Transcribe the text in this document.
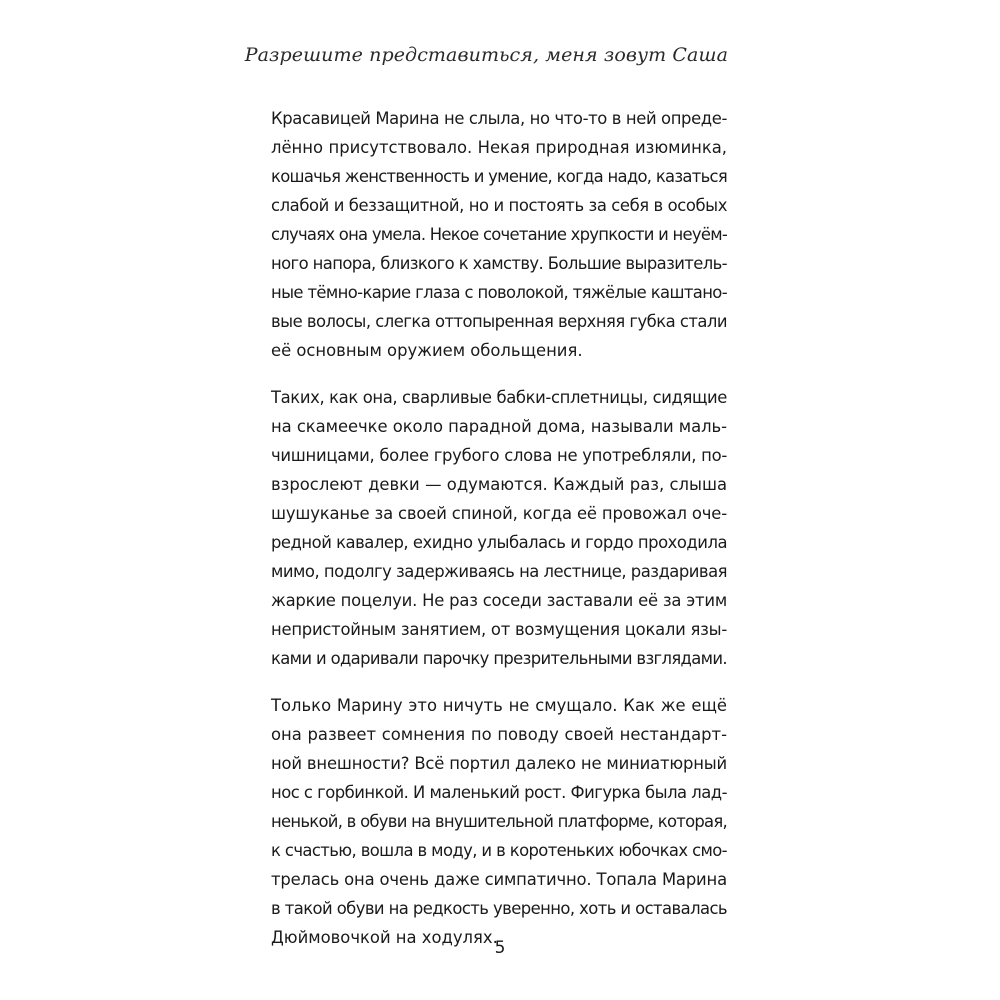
Разрешите представиться, меня зовут Саша

Красавицей Марина не слыла, но что-то в ней опреде-
лённо присутствовало. Некая природная изюминка,
кошачья женственность и умение, когда надо, казаться
слабой и беззащитной, но и постоять за себя в особых
случаях она умела. Некое сочетание хрупкости и неуём-
ного напора, близкого к хамству. Большие выразитель-
ные тёмно-карие глаза с поволокой, тяжёлые каштано-
вые волосы, слегка оттопыренная верхняя губка стали
её основным оружием обольщения.

Таких, как она, сварливые бабки-сплетницы, сидящие
на скамеечке около парадной дома, называли маль-
чишницами, более грубого слова не употребляли, по-
взрослеют девки — одумаются. Каждый раз, слыша
шушуканье за своей спиной, когда её провожал оче-
редной кавалер, ехидно улыбалась и гордо проходила
мимо, подолгу задерживаясь на лестнице, раздаривая
жаркие поцелуи. Не раз соседи заставали её за этим
непристойным занятием, от возмущения цокали язы-
ками и одаривали парочку презрительными взглядами.

Только Марину это ничуть не смущало. Как же ещё
она развеет сомнения по поводу своей нестандарт-
ной внешности? Всё портил далеко не миниатюрный
нос с горбинкой. И маленький рост. Фигурка была лад-
ненькой, в обуви на внушительной платформе, которая,
к счастью, вошла в моду, и в коротеньких юбочках смо-
трелась она очень даже симпатично. Топала Марина
в такой обуви на редкость уверенно, хоть и оставалась
Дюймовочкой на ходулях.

5
